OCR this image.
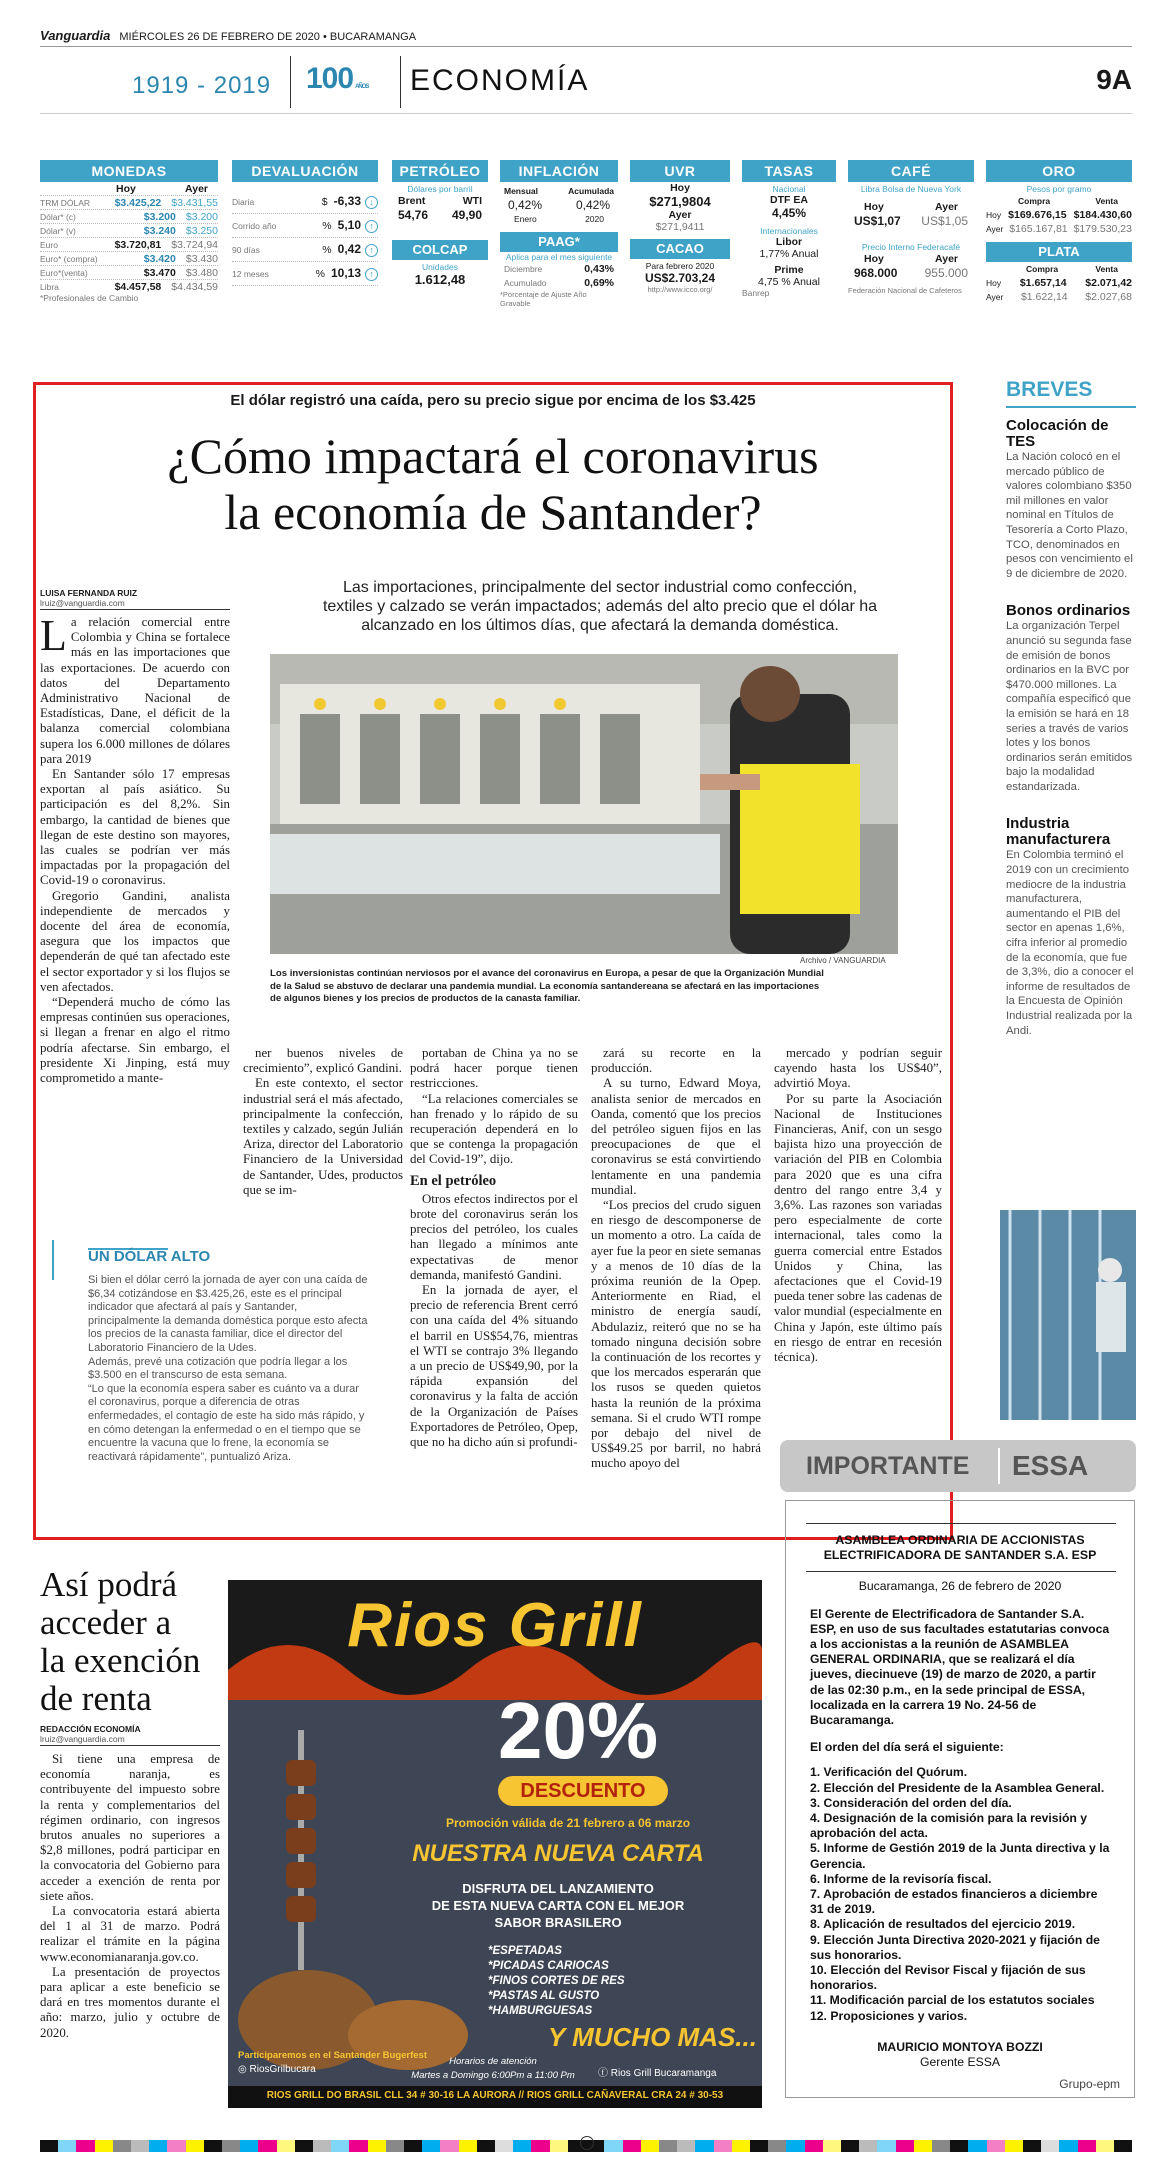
Vanguardia MIÉRCOLES 26 DE FEBRERO DE 2020 • BUCARAMANGA
1919 - 2019 100 AÑOS ECONOMÍA	9A
MONEDAS
Hoy	Ayer
TRM DÓLAR $3.425,22 $3.431,55
Dólar* (c)	$3.200 $3.200
Dólar* (v)	$3.240 $3.250
Euro	$3.720,81 $3.724,94
Euro* (compra)	$3.420 $3.430
Euro*(venta)	$3.470 $3.480
Libra	$4.457,58 $4.434,59
*Profesionales de Cambio
DEVALUACIÓN
Diaria	$ -6,33 ↓
Corrido año	% 5,10 ↑
90 días	% 0,42 ↑
12 meses	% 10,13 ↑
PETRÓLEO
Dólares por barril
Brent	WTI
54,76 49,90
COLCAP
Unidades
1.612,48
INFLACIÓN
Mensual	Acumulada
0,42%	0,42%
Enero	2020
PAAG*
Aplica para el mes siguiente
Diciembre	0,43%
Acumulado	0,69%
*Porcentaje de Ajuste Año Gravable
UVR
Hoy
$271,9804
Ayer
$271,9411
CACAO
Para febrero 2020
US$2.703,24
http://www.icco.org/
TASAS
Nacional
DTF EA
4,45%
Internacionales
Libor
1,77% Anual
Prime
4,75 % Anual
Banrep
CAFÉ
Libra Bolsa de Nueva York
Hoy	Ayer
US$1,07 US$1,05
Precio Interno Federacafé
Hoy	Ayer
968.000 955.000
Federación Nacional de Cafeteros
ORO
Pesos por gramo
Compra	Venta
Hoy $169.676,15 $184.430,60
Ayer $165.167,81 $179.530,23
PLATA
Compra	Venta
Hoy $1.657,14 $2.071,42
Ayer $1.622,14 $2.027,68
El dólar registró una caída, pero su precio sigue por encima de los $3.425
¿Cómo impactará el coronavirus
la economía de Santander?
LUISA FERNANDA RUIZ
lruiz@vanguardia.com
Las importaciones, principalmente del sector industrial como confección,
textiles y calzado se verán impactados; además del alto precio que el dólar ha
alcanzado en los últimos días, que afectará la demanda doméstica.
Archivo / VANGUARDIA
Los inversionistas continúan nerviosos por el avance del coronavirus en Europa, a pesar de que la Organización Mundial
de la Salud se abstuvo de declarar una pandemia mundial. La economía santandereana se afectará en las importaciones
de algunos bienes y los precios de productos de la canasta familiar.

La relación comercial entre Colombia y China se fortalece más en las importaciones que las exportaciones. De acuerdo con datos del Departamento Administrativo Nacional de Estadísticas, Dane, el déficit de la balanza comercial colombiana supera los 6.000 millones de dólares para 2019

En Santander sólo 17 empresas exportan al país asiático. Su participación es del 8,2%. Sin embargo, la cantidad de bienes que llegan de este destino son mayores, las cuales se podrían ver más impactadas por la propagación del Covid-19 o coronavirus.

Gregorio Gandini, analista independiente de mercados y docente del área de economía, asegura que los impactos que dependerán de qué tan afectado este el sector exportador y si los flujos se ven afectados.

“Dependerá mucho de cómo las empresas continúen sus operaciones, si llegan a frenar en algo el ritmo podría afectarse. Sin embargo, el presidente Xi Jinping, está muy comprometido a mante-

UN DÓLAR ALTO
Si bien el dólar cerró la jornada de ayer con una caída de $6,34 cotizándose en $3.425,26, este es el principal indicador que afectará al país y Santander, principalmente la demanda doméstica porque esto afecta los precios de la canasta familiar, dice el director del Laboratorio Financiero de la Udes.
Además, prevé una cotización que podría llegar a los $3.500 en el transcurso de esta semana.
“Lo que la economía espera saber es cuánto va a durar el coronavirus, porque a diferencia de otras enfermedades, el contagio de este ha sido más rápido, y en cómo detengan la enfermedad o en el tiempo que se encuentre la vacuna que lo frene, la economía se reactivará rápidamente”, puntualizó Ariza.

ner buenos niveles de crecimiento”, explicó Gandini.

En este contexto, el sector industrial será el más afectado, principalmente la confección, textiles y calzado, según Julián Ariza, director del Laboratorio Financiero de la Universidad de Santander, Udes, productos que se im-

portaban de China ya no se podrá hacer porque tienen restricciones.

“La relaciones comerciales se han frenado y lo rápido de su recuperación dependerá en lo que se contenga la propagación del Covid-19”, dijo.

En el petróleo

Otros efectos indirectos por el brote del coronavirus serán los precios del petróleo, los cuales han llegado a mínimos ante expectativas de menor demanda, manifestó Gandini.

En la jornada de ayer, el precio de referencia Brent cerró con una caída del 4% situando el barril en US$54,76, mientras el WTI se contrajo 3% llegando a un precio de US$49,90, por la rápida expansión del coronavirus y la falta de acción de la Organización de Países Exportadores de Petróleo, Opep, que no ha dicho aún si profundi-

zará su recorte en la producción.

A su turno, Edward Moya, analista senior de mercados en Oanda, comentó que los precios del petróleo siguen fijos en las preocupaciones de que el coronavirus se está convirtiendo lentamente en una pandemia mundial.

“Los precios del crudo siguen en riesgo de descomponerse de un momento a otro. La caída de ayer fue la peor en siete semanas y a menos de 10 días de la próxima reunión de la Opep. Anteriormente en Riad, el ministro de energía saudí, Abdulaziz, reiteró que no se ha tomado ninguna decisión sobre la continuación de los recortes y que los mercados esperarán que los rusos se queden quietos hasta la reunión de la próxima semana. Si el crudo WTI rompe por debajo del nivel de US$49.25 por barril, no habrá mucho apoyo del

mercado y podrían seguir cayendo hasta los US$40”, advirtió Moya.

Por su parte la Asociación Nacional de Instituciones Financieras, Anif, con un sesgo bajista hizo una proyección de variación del PIB en Colombia para 2020 que es una cifra dentro del rango entre 3,4 y 3,6%. Las razones son variadas pero especialmente de corte internacional, tales como la guerra comercial entre Estados Unidos y China, las afectaciones que el Covid-19 pueda tener sobre las cadenas de valor mundial (especialmente en China y Japón, este último país en riesgo de entrar en recesión técnica).

BREVES
Colocación de TES
La Nación colocó en el mercado público de valores colombiano $350 mil millones en valor nominal en Títulos de Tesorería a Corto Plazo, TCO, denominados en pesos con vencimiento el 9 de diciembre de 2020.
Bonos ordinarios
La organización Terpel anunció su segunda fase de emisión de bonos ordinarios en la BVC por $470.000 millones. La compañía especificó que la emisión se hará en 18 series a través de varios lotes y los bonos ordinarios serán emitidos bajo la modalidad estandarizada.
Industria manufacturera
En Colombia terminó el 2019 con un crecimiento mediocre de la industria manufacturera, aumentando el PIB del sector en apenas 1,6%, cifra inferior al promedio de la economía, que fue de 3,3%, dio a conocer el informe de resultados de la Encuesta de Opinión Industrial realizada por la Andi.
Así podrá
acceder a
la exención
de renta
REDACCIÓN ECONOMÍA
lruiz@vanguardia.com

Si tiene una empresa de economía naranja, es contribuyente del impuesto sobre la renta y complementarios del régimen ordinario, con ingresos brutos anuales no superiores a $2,8 millones, podrá participar en la convocatoria del Gobierno para acceder a exención de renta por siete años.

La convocatoria estará abierta del 1 al 31 de marzo. Podrá realizar el trámite en la página www.economianaranja.gov.co.

La presentación de proyectos para aplicar a este beneficio se dará en tres momentos durante el año: marzo, julio y octubre de 2020.

Rios Grill
20%
DESCUENTO
Promoción válida de 21 febrero a 06 marzo
NUESTRA NUEVA CARTA
DISFRUTA DEL LANZAMIENTO
DE ESTA NUEVA CARTA CON EL MEJOR
SABOR BRASILERO
*ESPETADAS
*PICADAS CARIOCAS
*FINOS CORTES DE RES
*PASTAS AL GUSTO
*HAMBURGUESAS
Y MUCHO MAS...
Participaremos en el Santander Bugerfest
◎ RiosGrilbucara
Horarios de atención
Martes a Domingo 6:00Pm a 11:00 Pm	ⓕ Rios Grill Bucaramanga
RIOS GRILL DO BRASIL CLL 34 # 30-16 LA AURORA // RIOS GRILL CAÑAVERAL CRA 24 # 30-53
IMPORTANTE ESSA
ASAMBLEA ORDINARIA DE ACCIONISTAS
ELECTRIFICADORA DE SANTANDER S.A. ESP
Bucaramanga, 26 de febrero de 2020
El Gerente de Electrificadora de Santander S.A. ESP, en uso de sus facultades estatutarias convoca a los accionistas a la reunión de ASAMBLEA GENERAL ORDINARIA, que se realizará el día jueves, diecinueve (19) de marzo de 2020, a partir de las 02:30 p.m., en la sede principal de ESSA, localizada en la carrera 19 No. 24-56 de Bucaramanga.
El orden del día será el siguiente:
1. Verificación del Quórum.
2. Elección del Presidente de la Asamblea General.
3. Consideración del orden del día.
4. Designación de la comisión para la revisión y aprobación del acta.
5. Informe de Gestión 2019 de la Junta directiva y la Gerencia.
6. Informe de la revisoría fiscal.
7. Aprobación de estados financieros a diciembre 31 de 2019.
8. Aplicación de resultados del ejercicio 2019.
9. Elección Junta Directiva 2020-2021 y fijación de sus honorarios.
10. Elección del Revisor Fiscal y fijación de sus honorarios.
11. Modificación parcial de los estatutos sociales
12. Proposiciones y varios.
MAURICIO MONTOYA BOZZI
Gerente ESSA
Grupo-epm
